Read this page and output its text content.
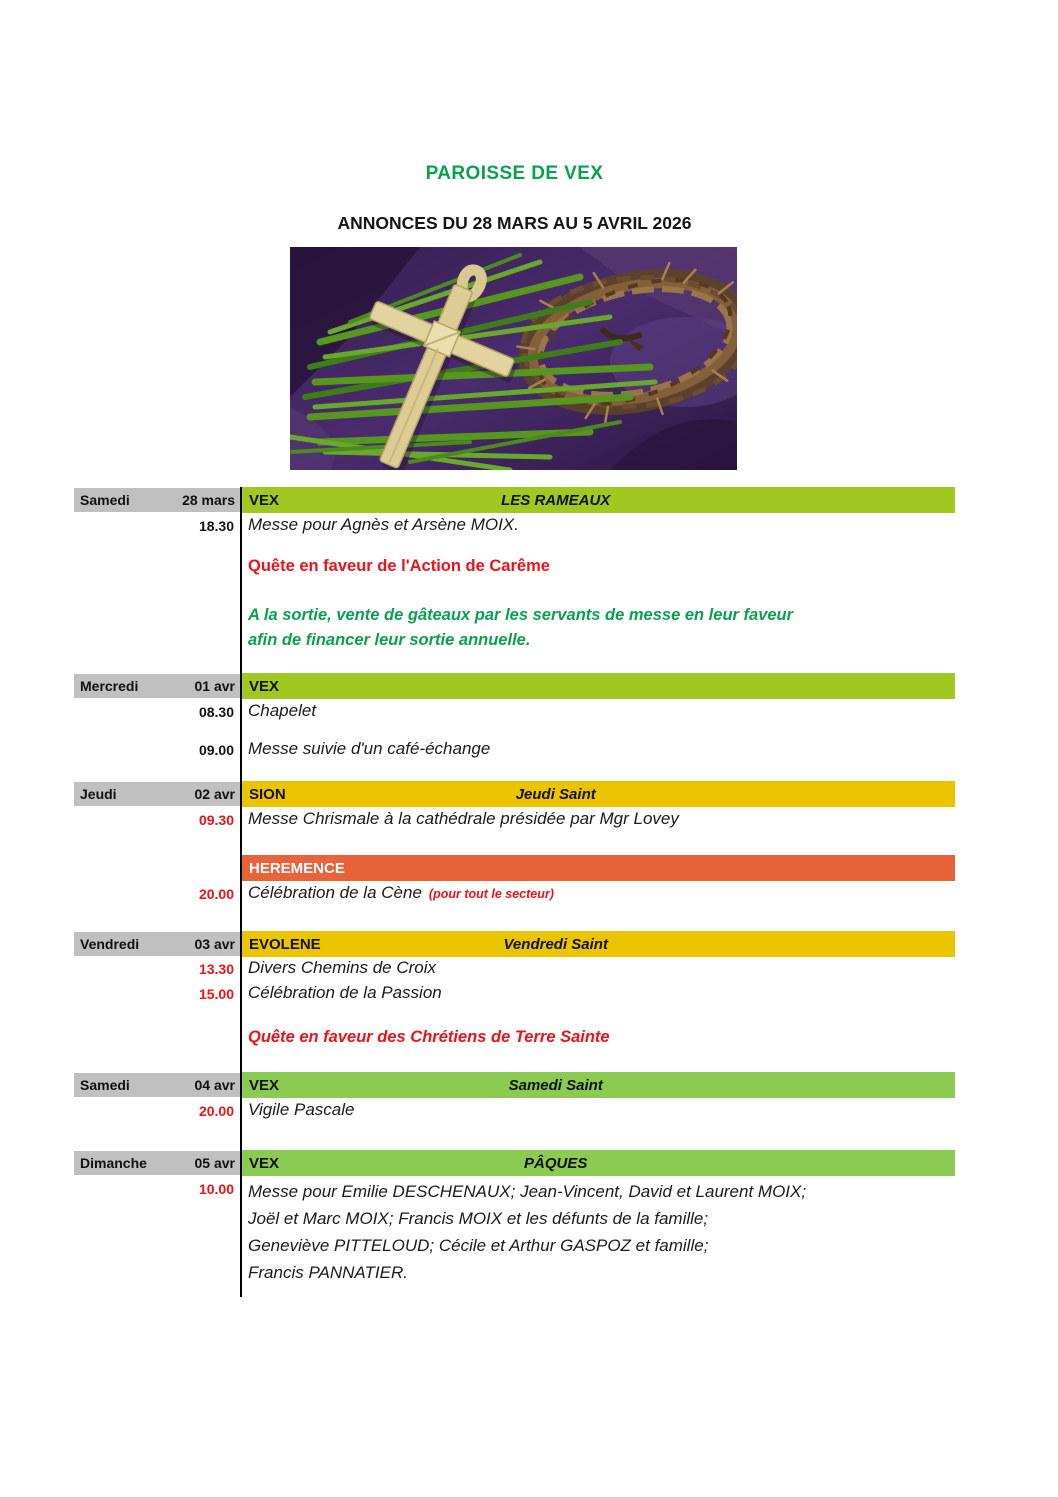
PAROISSE DE VEX
ANNONCES DU 28 MARS AU 5 AVRIL 2026
Samedi	28 mars VEX	LES RAMEAUX
18.30 Messe pour Agnès et Arsène MOIX.
Quête en faveur de l'Action de Carême
A la sortie, vente de gâteaux par les servants de messe en leur faveur
afin de financer leur sortie annuelle.
Mercredi	01 avr VEX
08.30 Chapelet
09.00 Messe suivie d'un café-échange
Jeudi	02 avr SION	Jeudi Saint
09.30 Messe Chrismale à la cathédrale présidée par Mgr Lovey
HEREMENCE
20.00 Célébration de la Cène (pour tout le secteur)
Vendredi	03 avr EVOLENE	Vendredi Saint
13.30 Divers Chemins de Croix
15.00 Célébration de la Passion
Quête en faveur des Chrétiens de Terre Sainte
Samedi	04 avr VEX	Samedi Saint
20.00 Vigile Pascale
Dimanche	05 avr VEX	PÂQUES
10.00 Messe pour Emilie DESCHENAUX; Jean-Vincent, David et Laurent MOIX;
Joël et Marc MOIX; Francis MOIX et les défunts de la famille;
Geneviève PITTELOUD; Cécile et Arthur GASPOZ et famille;
Francis PANNATIER.
